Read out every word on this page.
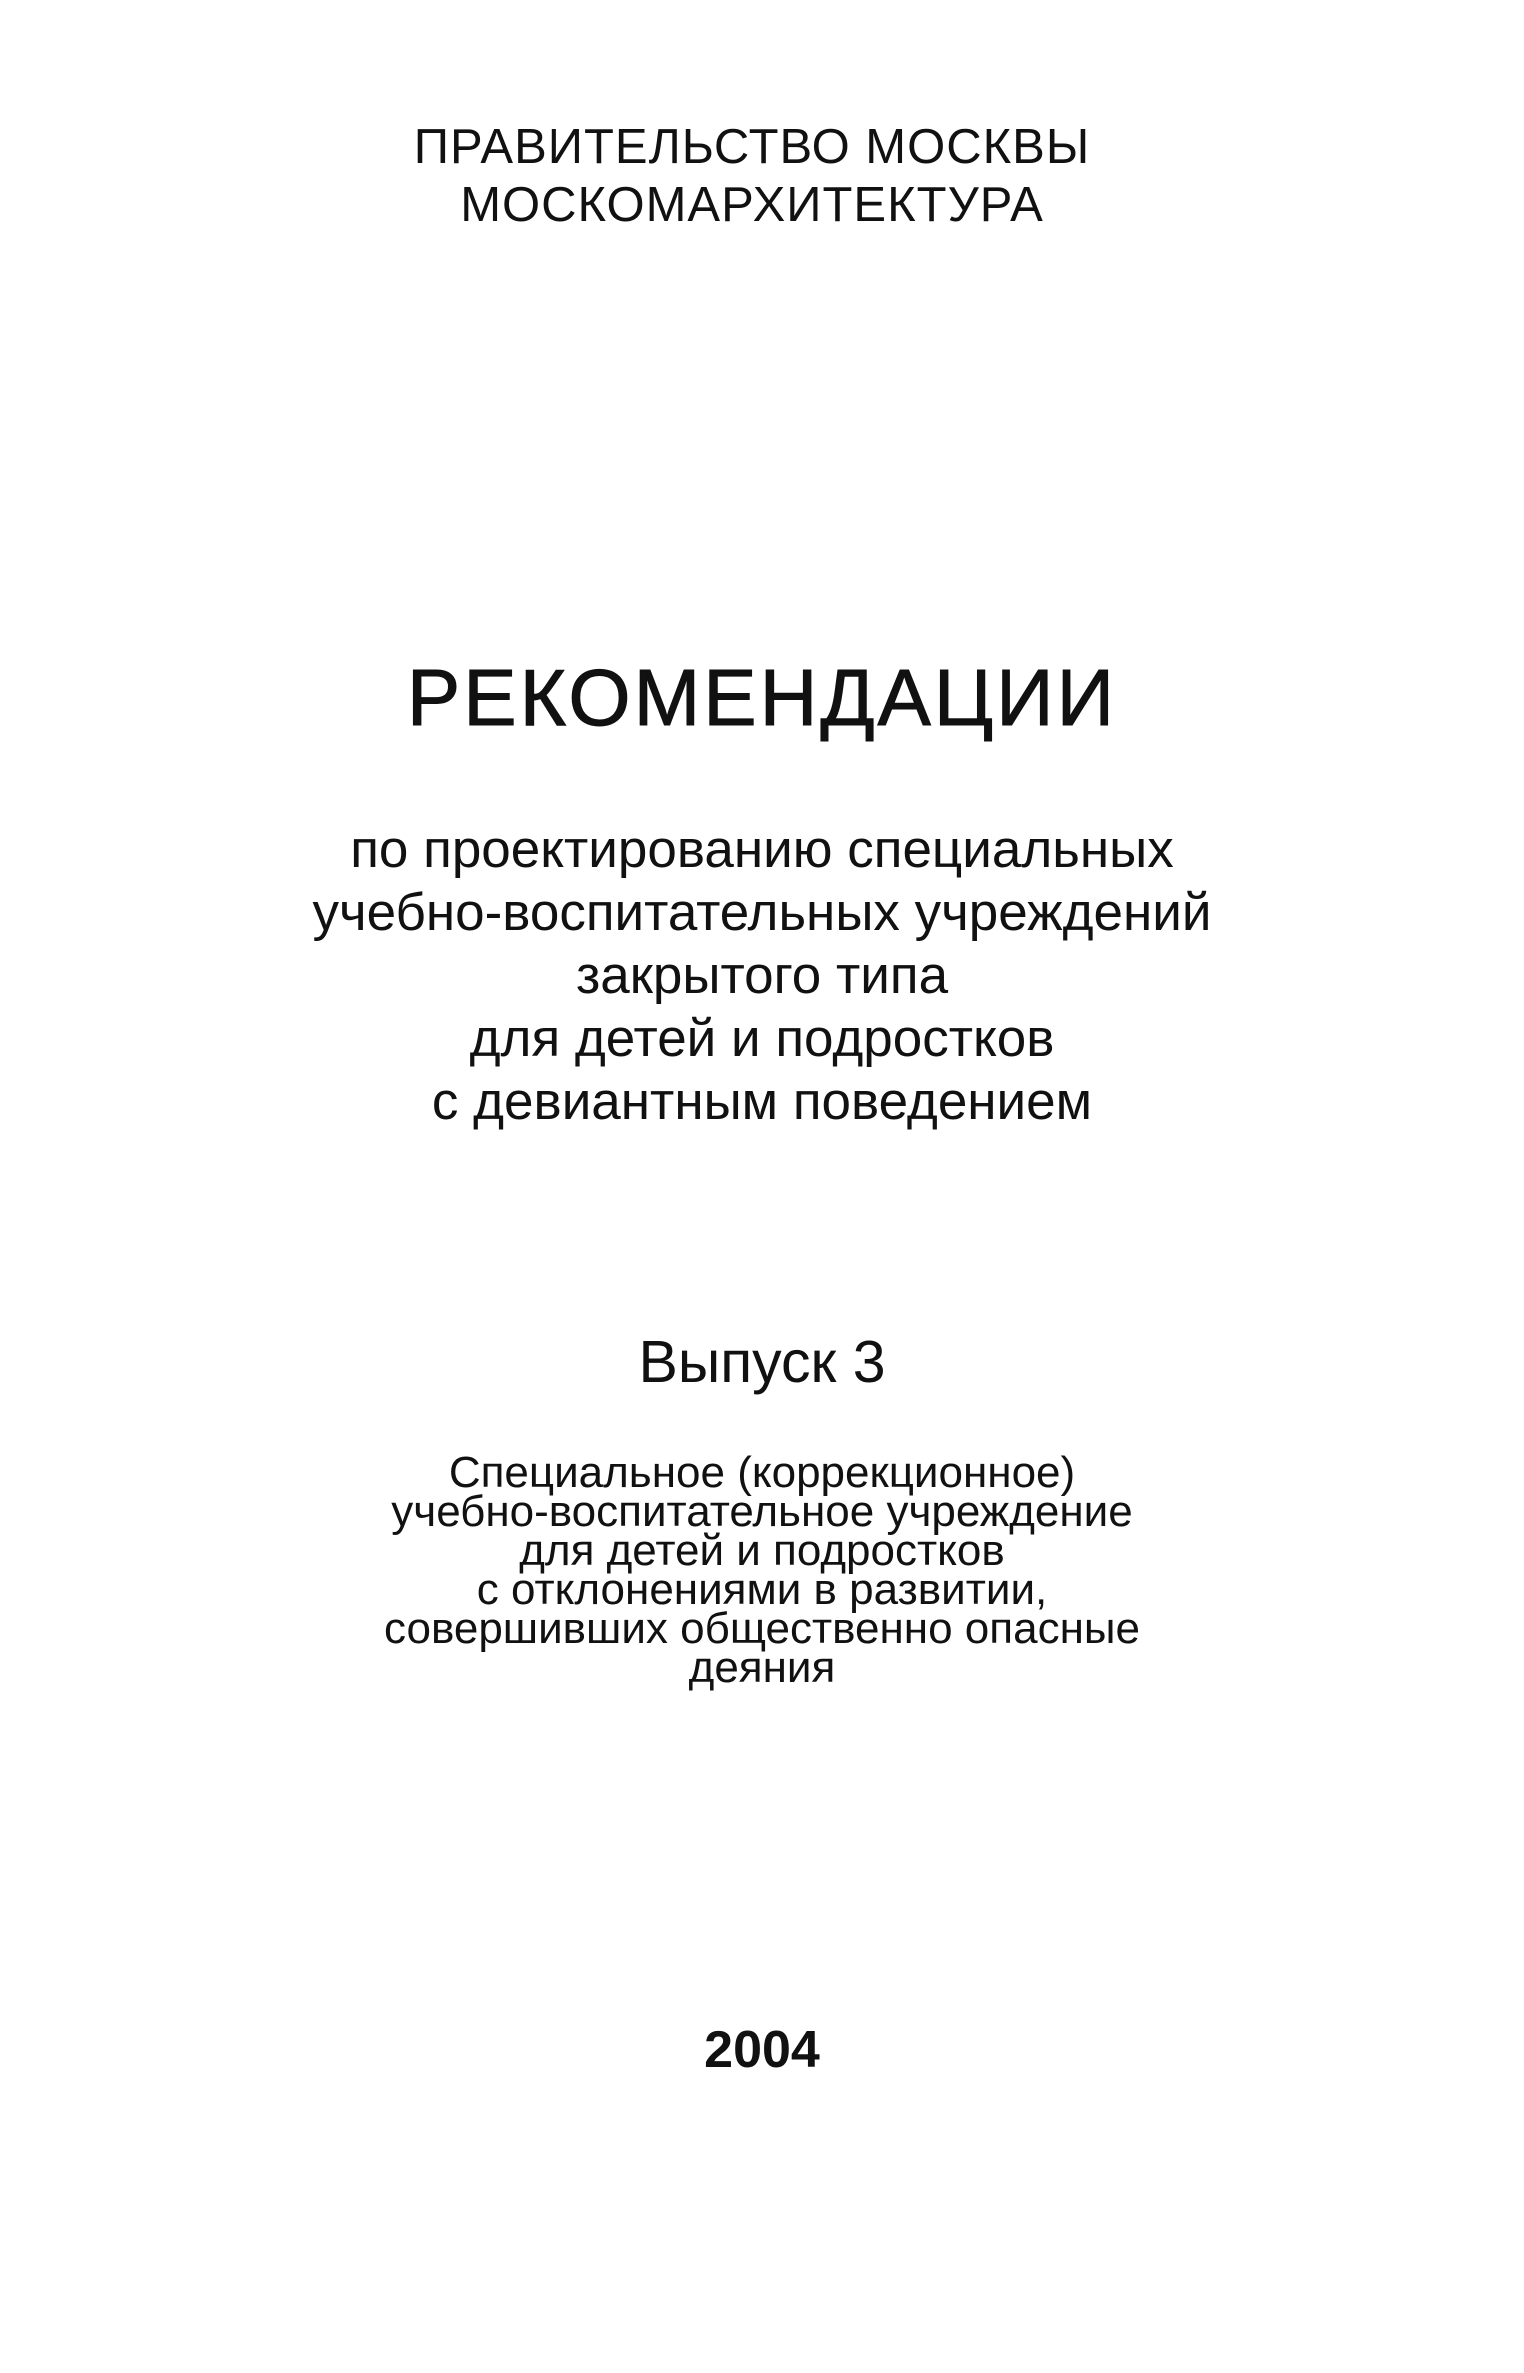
ПРАВИТЕЛЬСТВО МОСКВЫ
МОСКОМАРХИТЕКТУРА
РЕКОМЕНДАЦИИ
по проектированию специальных
учебно-воспитательных учреждений
закрытого типа
для детей и подростков
с девиантным поведением
Выпуск 3
Специальное (коррекционное)
учебно-воспитательное учреждение
для детей и подростков
с отклонениями в развитии,
совершивших общественно опасные
деяния
2004
